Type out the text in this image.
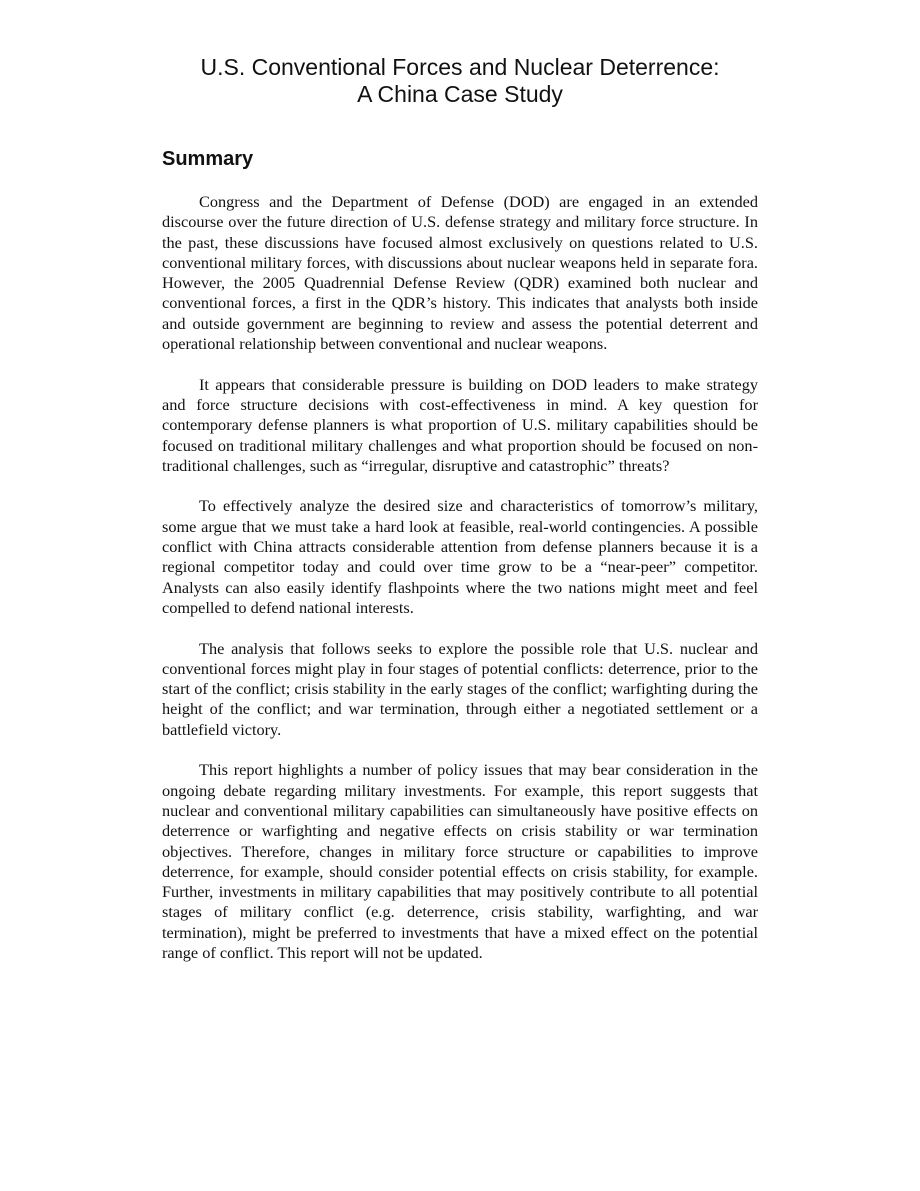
U.S. Conventional Forces and Nuclear Deterrence:
A China Case Study
Summary

Congress and the Department of Defense (DOD) are engaged in an extended discourse over the future direction of U.S. defense strategy and military force structure. In the past, these discussions have focused almost exclusively on questions related to U.S. conventional military forces, with discussions about nuclear weapons held in separate fora. However, the 2005 Quadrennial Defense Review (QDR) examined both nuclear and conventional forces, a first in the QDR’s history. This indicates that analysts both inside and outside government are beginning to review and assess the potential deterrent and operational relationship between conventional and nuclear weapons.

It appears that considerable pressure is building on DOD leaders to make strategy and force structure decisions with cost-effectiveness in mind. A key question for contemporary defense planners is what proportion of U.S. military capabilities should be focused on traditional military challenges and what proportion should be focused on non-traditional challenges, such as “irregular, disruptive and catastrophic” threats?

To effectively analyze the desired size and characteristics of tomorrow’s military, some argue that we must take a hard look at feasible, real-world contingencies. A possible conflict with China attracts considerable attention from defense planners because it is a regional competitor today and could over time grow to be a “near-peer” competitor. Analysts can also easily identify flashpoints where the two nations might meet and feel compelled to defend national interests.

The analysis that follows seeks to explore the possible role that U.S. nuclear and conventional forces might play in four stages of potential conflicts: deterrence, prior to the start of the conflict; crisis stability in the early stages of the conflict; warfighting during the height of the conflict; and war termination, through either a negotiated settlement or a battlefield victory.

This report highlights a number of policy issues that may bear consideration in the ongoing debate regarding military investments. For example, this report suggests that nuclear and conventional military capabilities can simultaneously have positive effects on deterrence or warfighting and negative effects on crisis stability or war termination objectives. Therefore, changes in military force structure or capabilities to improve deterrence, for example, should consider potential effects on crisis stability, for example. Further, investments in military capabilities that may positively contribute to all potential stages of military conflict (e.g. deterrence, crisis stability, warfighting, and war termination), might be preferred to investments that have a mixed effect on the potential range of conflict. This report will not be updated.
